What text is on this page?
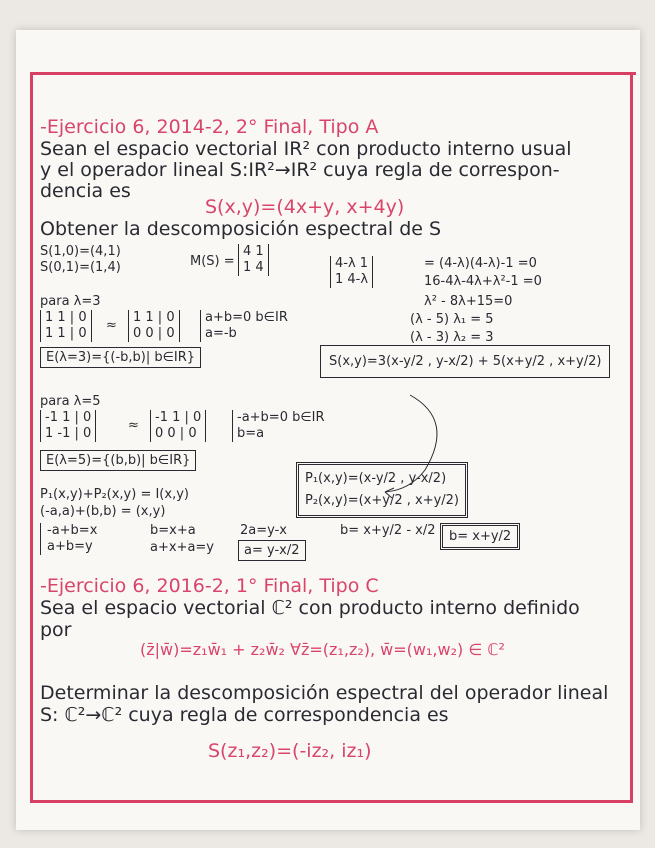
-Ejercicio 6, 2014-2, 2° Final, Tipo A
Sean el espacio vectorial IR² con producto interno usual
y el operador lineal S:IR²→IR² cuya regla de correspon-
dencia es
S(x,y)=(4x+y, x+4y)
Obtener la descomposición espectral de S
S(1,0)=(4,1)
S(0,1)=(1,4)	M(S) =
4 1
1 4	4-λ 1
1 4-λ
= (4-λ)(4-λ)-1 =0
16-4λ-4λ+λ²-1 =0
λ² - 8λ+15=0
(λ - 5) λ₁ = 5
(λ - 3) λ₂ = 3
para λ=3
1 1 | 0
1 1 | 0
≈
1 1 | 0
0 0 | 0
a+b=0 b∈IR
a=-b
E(λ=3)={(-b,b)| b∈IR}	S(x,y)=3(x-y/2 , y-x/2) + 5(x+y/2 , x+y/2)
para λ=5
-1 1 | 0
1 -1 | 0
≈
-1 1 | 0
0 0 | 0
-a+b=0 b∈IR
b=a
E(λ=5)={(b,b)| b∈IR}
P₁(x,y)=(x-y/2 , y-x/2)
P₂(x,y)=(x+y/2 , x+y/2)
P₁(x,y)+P₂(x,y) = I(x,y)
(-a,a)+(b,b) = (x,y)
-a+b=x
a+b=y
b=x+a
a+x+a=y
2a=y-x
a= y-x/2
b= x+y/2 - x/2	b= x+y/2
-Ejercicio 6, 2016-2, 1° Final, Tipo C
Sea el espacio vectorial ℂ² con producto interno definido
por
(z̄|w̄)=z₁w̄₁ + z₂w̄₂ ∀z̄=(z₁,z₂), w̄=(w₁,w₂) ∈ ℂ²
Determinar la descomposición espectral del operador lineal
S: ℂ²→ℂ² cuya regla de correspondencia es
S(z₁,z₂)=(-iz₂, iz₁)
